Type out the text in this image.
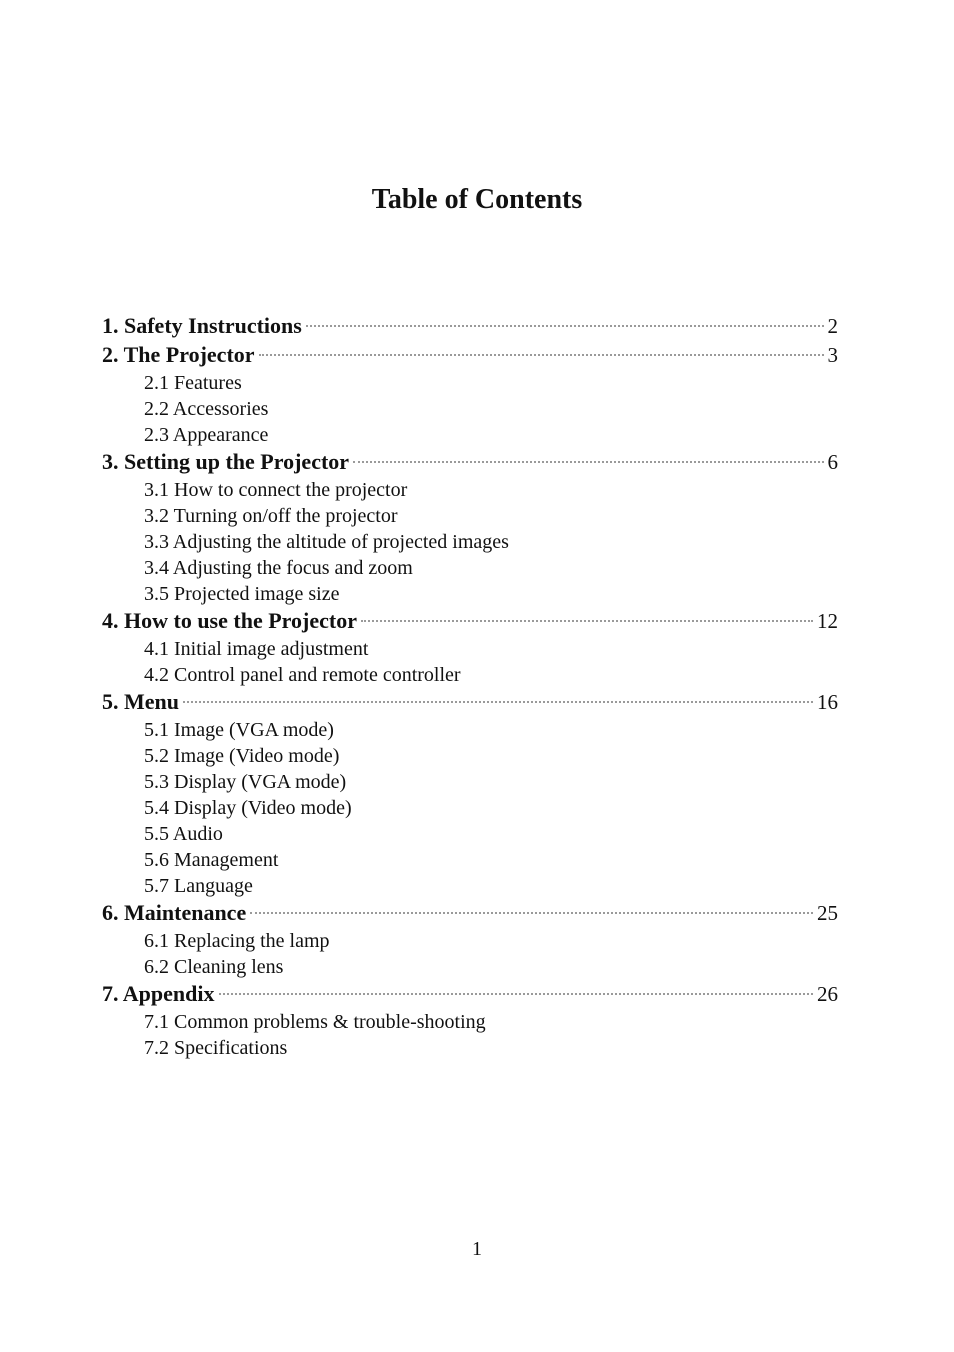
Table of Contents
1. Safety Instructions	2
2. The Projector	3
2.1 Features
2.2 Accessories
2.3 Appearance
3. Setting up the Projector	6
3.1 How to connect the projector
3.2 Turning on/off the projector
3.3 Adjusting the altitude of projected images
3.4 Adjusting the focus and zoom
3.5 Projected image size
4. How to use the Projector	12
4.1 Initial image adjustment
4.2 Control panel and remote controller
5. Menu	16
5.1 Image (VGA mode)
5.2 Image (Video mode)
5.3 Display (VGA mode)
5.4 Display (Video mode)
5.5 Audio
5.6 Management
5.7 Language
6. Maintenance	25
6.1 Replacing the lamp
6.2 Cleaning lens
7. Appendix	26
7.1 Common problems & trouble-shooting
7.2 Specifications
1
